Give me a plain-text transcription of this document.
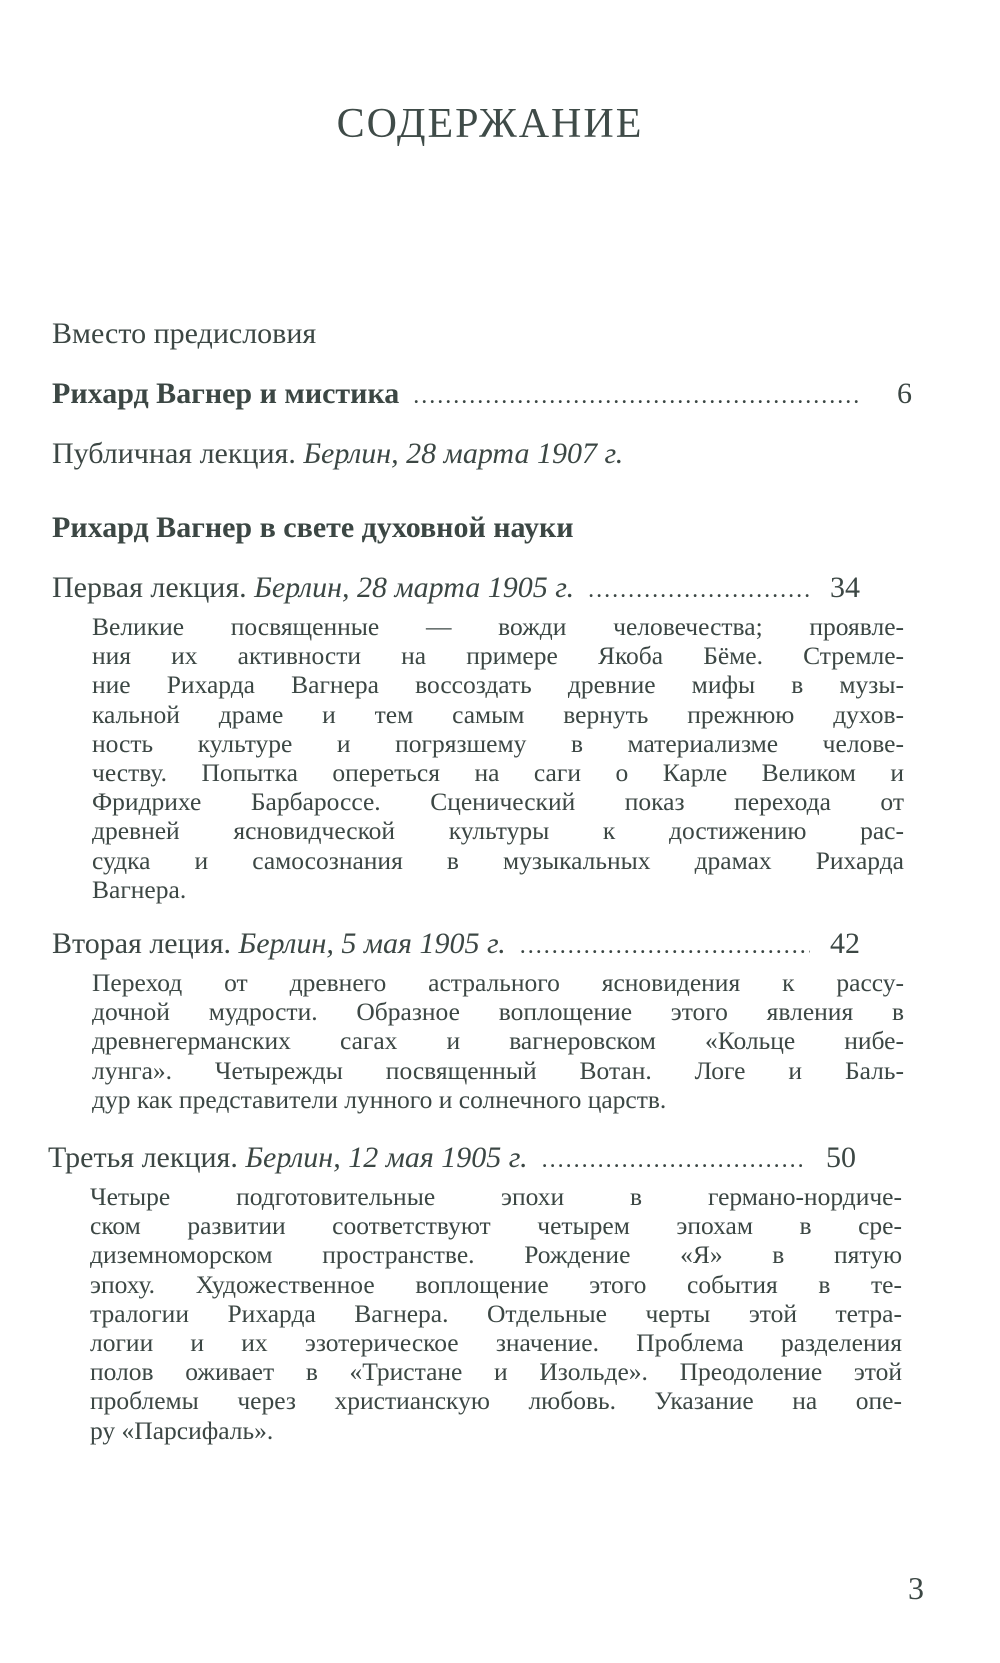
СОДЕРЖАНИЕ
Вместо предисловия
Рихард Вагнер и мистика .....	6
Публичная лекция. Берлин, 28 марта 1907 г.
Рихард Вагнер в свете духовной науки
Первая лекция. Берлин, 28 марта 1905 г. .....	34
Великие посвященные — вожди человечества; проявле-
ния их активности на примере Якоба Бёме. Стремле-
ние Рихарда Вагнера воссоздать древние мифы в музы-
кальной драме и тем самым вернуть прежнюю духов-
ность культуре и погрязшему в материализме челове-
честву. Попытка опереться на саги о Карле Великом и
Фридрихе Барбароссе. Сценический показ перехода от
древней ясновидческой культуры к достижению рас-
судка и самосознания в музыкальных драмах Рихарда
Вагнера.
Вторая леция. Берлин, 5 мая 1905 г. .....	42
Переход от древнего астрального ясновидения к рассу-
дочной мудрости. Образное воплощение этого явления в
древнегерманских сагах и вагнеровском «Кольце нибе-
лунга». Четырежды посвященный Вотан. Логе и Баль-
дур как представители лунного и солнечного царств.
Третья лекция. Берлин, 12 мая 1905 г. .....	50
Четыре подготовительные эпохи в германо-нордиче-
ском развитии соответствуют четырем эпохам в сре-
диземноморском пространстве. Рождение «Я» в пятую
эпоху. Художественное воплощение этого события в те-
тралогии Рихарда Вагнера. Отдельные черты этой тетра-
логии и их эзотерическое значение. Проблема разделения
полов оживает в «Тристане и Изольде». Преодоление этой
проблемы через христианскую любовь. Указание на опе-
ру «Парсифаль».
3
